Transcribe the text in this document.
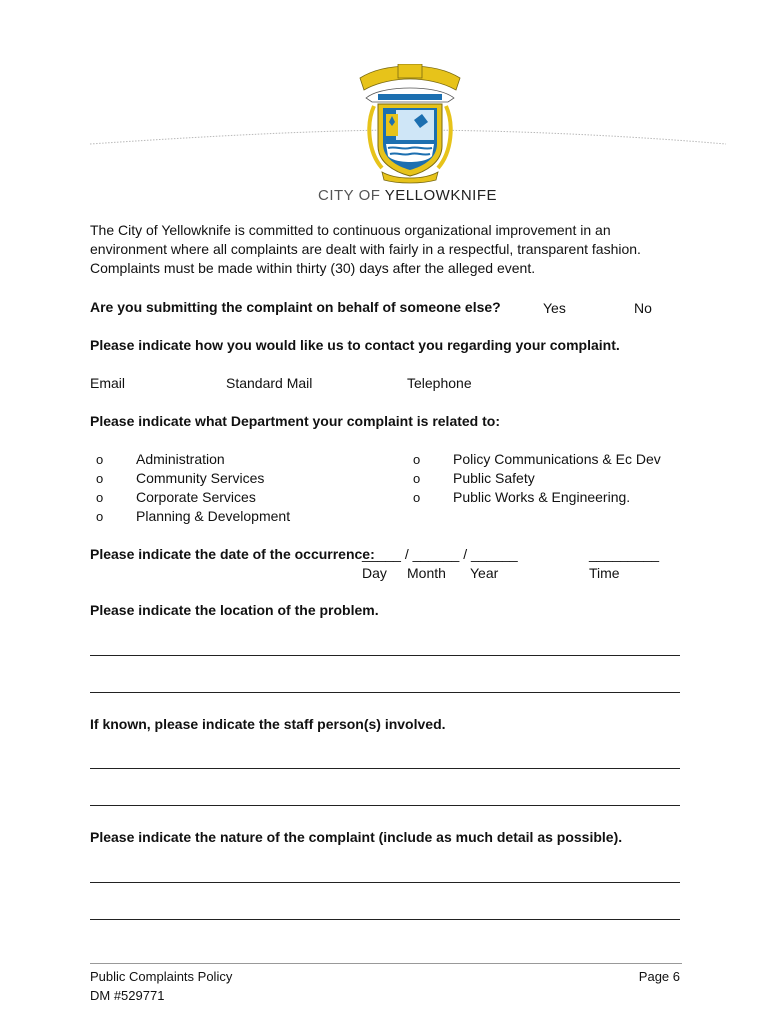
CITY OF YELLOWKNIFE
The City of Yellowknife is committed to continuous organizational improvement in an environment where all complaints are dealt with fairly in a respectful, transparent fashion. Complaints must be made within thirty (30) days after the alleged event.
Are you submitting the complaint on behalf of someone else?	Yes	No
Please indicate how you would like us to contact you regarding your complaint.
Email	Standard Mail	Telephone
Please indicate what Department your complaint is related to:
o Administration
o Community Services
o Corporate Services
o Planning & Development
o Policy Communications & Ec Dev
o Public Safety
o Public Works & Engineering.
Please indicate the date of the occurrence:
_____ / ______ / ______	_________
Day Month Year	Time
Please indicate the location of the problem.
If known, please indicate the staff person(s) involved.
Please indicate the nature of the complaint (include as much detail as possible).
Public Complaints Policy
DM #529771
Page 6
